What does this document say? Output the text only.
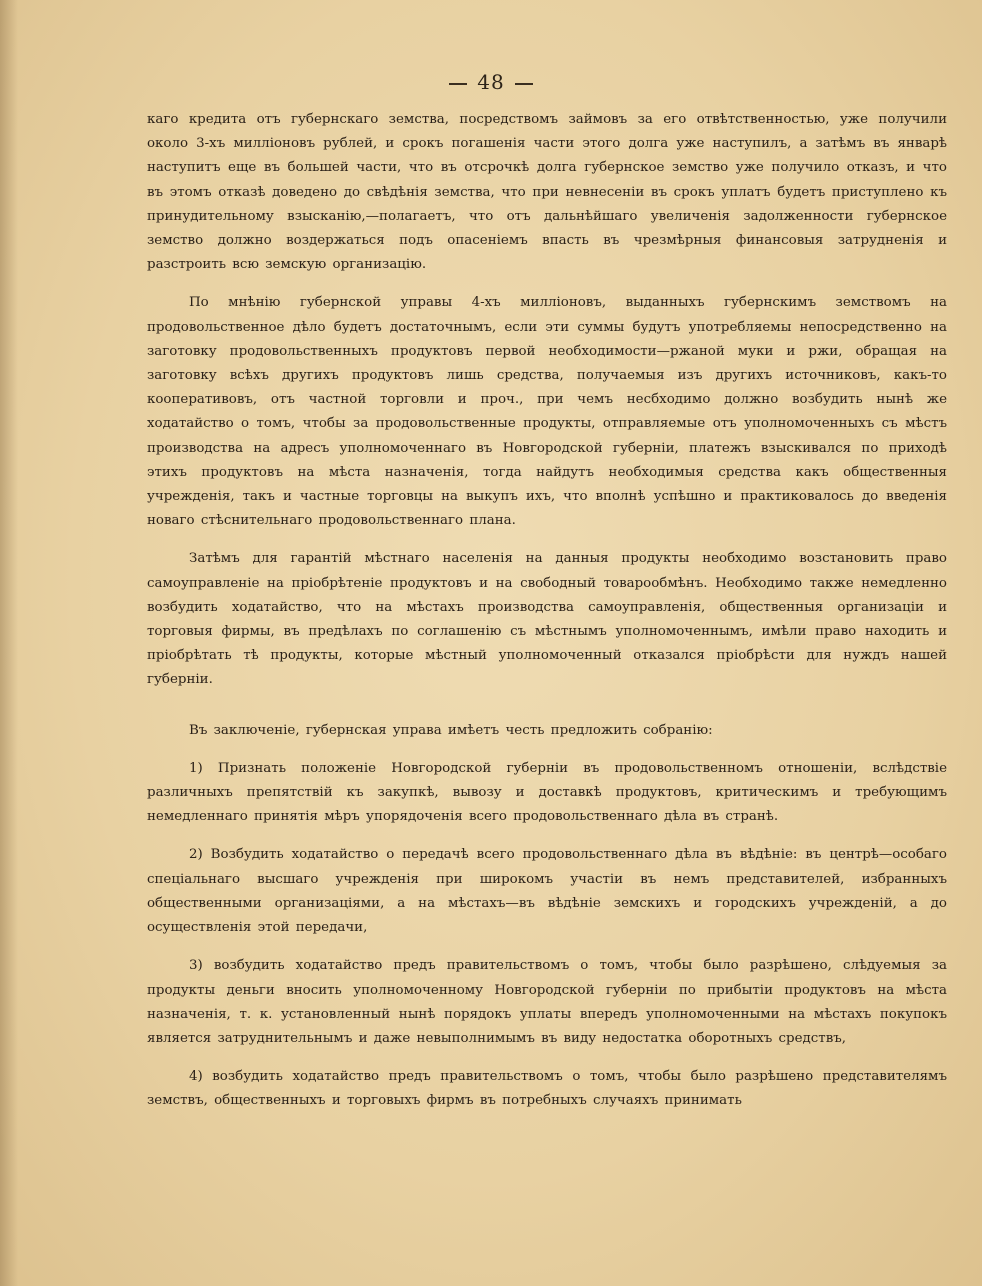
48

каго кредита отъ губернскаго земства, посредствомъ займовъ за его отвѣтственностью, уже получили около 3-хъ милліоновъ рублей, и срокъ погашенія части этого долга уже наступилъ, а затѣмъ въ январѣ наступитъ еще въ большей части, что въ отсрочкѣ долга губернское земство уже получило отказъ, и что въ этомъ отказѣ доведено до свѣдѣнія земства, что при невнесеніи въ срокъ уплатъ будетъ приступлено къ принудительному взысканію,—полагаетъ, что отъ дальнѣйшаго увеличенія задолженности губернское земство должно воздержаться подъ опасеніемъ впасть въ чрезмѣрныя финансовыя затрудненія и разстроить всю земскую организацію.

По мнѣнію губернской управы 4-хъ милліоновъ, выданныхъ губернскимъ земствомъ на продовольственное дѣло будетъ достаточнымъ, если эти суммы будутъ употребляемы непосредственно на заготовку продовольственныхъ продуктовъ первой необходимости—ржаной муки и ржи, обращая на заготовку всѣхъ другихъ продуктовъ лишь средства, получаемыя изъ другихъ источниковъ, какъ-то кооперативовъ, отъ частной торговли и проч., при чемъ несбходимо должно возбудить нынѣ же ходатайство о томъ, чтобы за продовольственные продукты, отправляемые отъ уполномоченныхъ съ мѣстъ производства на адресъ уполномоченнаго въ Новгородской губерніи, платежъ взыскивался по приходѣ этихъ продуктовъ на мѣста назначенія, тогда найдутъ необходимыя средства какъ общественныя учрежденія, такъ и частные торговцы на выкупъ ихъ, что вполнѣ успѣшно и практиковалось до введенія новаго стѣснительнаго продовольственнаго плана.

Затѣмъ для гарантій мѣстнаго населенія на данныя продукты необходимо возстановить право самоуправленіе на пріобрѣтеніе продуктовъ и на свободный товарообмѣнъ. Необходимо также немедленно возбудить ходатайство, что на мѣстахъ производства самоуправленія, общественныя организаціи и торговыя фирмы, въ предѣлахъ по соглашенію съ мѣстнымъ уполномоченнымъ, имѣли право находить и пріобрѣтать тѣ продукты, которые мѣстный уполномоченный отказался пріобрѣсти для нуждъ нашей губерніи.

Въ заключеніе, губернская управа имѣетъ честь предложить собранію:

1) Признать положеніе Новгородской губерніи въ продовольственномъ отношеніи, вслѣдствіе различныхъ препятствій къ закупкѣ, вывозу и доставкѣ продуктовъ, критическимъ и требующимъ немедленнаго принятія мѣръ упорядоченія всего продовольственнаго дѣла въ странѣ.

2) Возбудить ходатайство о передачѣ всего продовольственнаго дѣла въ вѣдѣніе: въ центрѣ—особаго спеціальнаго высшаго учрежденія при широкомъ участіи въ немъ представителей, избранныхъ общественными организаціями, а на мѣстахъ—въ вѣдѣніе земскихъ и городскихъ учрежденій, а до осуществленія этой передачи,

3) возбудить ходатайство предъ правительствомъ о томъ, чтобы было разрѣшено, слѣдуемыя за продукты деньги вносить уполномоченному Новгородской губерніи по прибытіи продуктовъ на мѣста назначенія, т. к. установленный нынѣ порядокъ уплаты впередъ уполномоченными на мѣстахъ покупокъ является затруднительнымъ и даже невыполнимымъ въ виду недостатка оборотныхъ средствъ,

4) возбудить ходатайство предъ правительствомъ о томъ, чтобы было разрѣшено представителямъ земствъ, общественныхъ и торговыхъ фирмъ въ потребныхъ случаяхъ принимать
